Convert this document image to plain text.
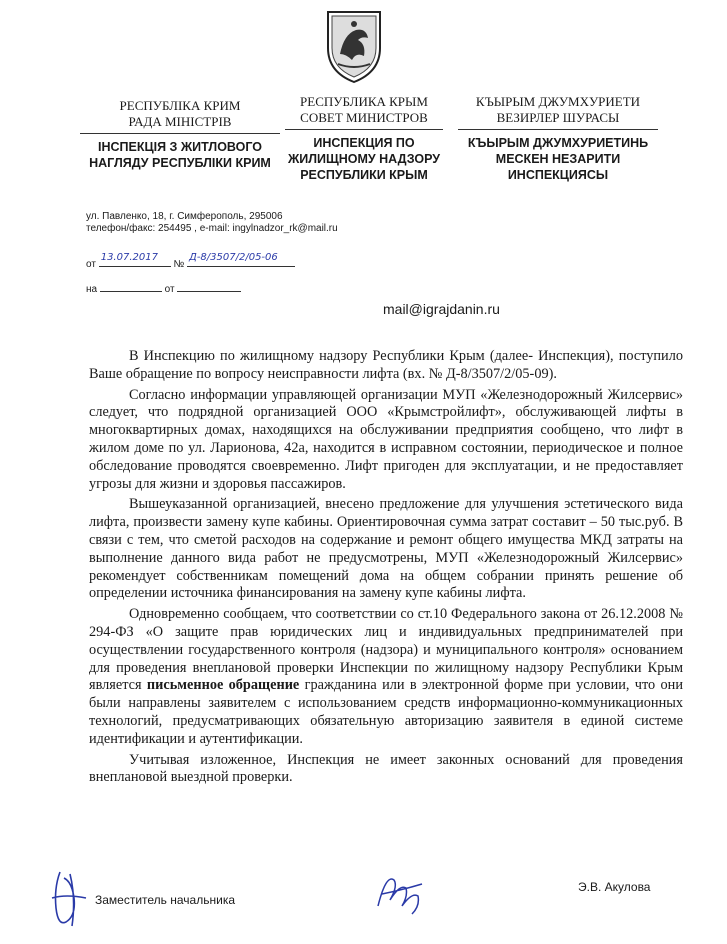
РЕСПУБЛІКА КРИМ
РАДА МІНІСТРІВ
ІНСПЕКЦІЯ З ЖИТЛОВОГО НАГЛЯДУ РЕСПУБЛІКИ КРИМ
РЕСПУБЛИКА КРЫМ
СОВЕТ МИНИСТРОВ
ИНСПЕКЦИЯ ПО ЖИЛИЩНОМУ НАДЗОРУ РЕСПУБЛИКИ КРЫМ
КЪЫРЫМ ДЖУМХУРИЕТИ
ВЕЗИРЛЕР ШУРАСЫ
КЪЫРЫМ ДЖУМХУРИЕТИНЬ МЕСКЕН НЕЗАРИТИ ИНСПЕКЦИЯСЫ
ул. Павленко, 18, г. Симферополь, 295006
телефон/факс: 254495 , e-mail: ingylnadzor_rk@mail.ru
от
13.07.2017
№
Д-8/3507/2/05-06
на	от
mail@igrajdanin.ru

В Инспекцию по жилищному надзору Республики Крым (далее- Инспекция), поступило Ваше обращение по вопросу неисправности лифта (вх. № Д-8/3507/2/05-09).

Согласно информации управляющей организации МУП «Железнодорожный Жилсервис» следует, что подрядной организацией ООО «Крымстройлифт», обслуживающей лифты в многоквартирных домах, находящихся на обслуживании предприятия сообщено, что лифт в жилом доме по ул. Ларионова, 42а, находится в исправном состоянии, периодическое и полное обследование проводятся своевременно. Лифт пригоден для эксплуатации, и не предоставляет угрозы для жизни и здоровья пассажиров.

Вышеуказанной организацией, внесено предложение для улучшения эстетического вида лифта, произвести замену купе кабины. Ориентировочная сумма затрат составит – 50 тыс.руб. В связи с тем, что сметой расходов на содержание и ремонт общего имущества МКД затраты на выполнение данного вида работ не предусмотрены, МУП «Железнодорожный Жилсервис» рекомендует собственникам помещений дома на общем собрании принять решение об определении источника финансирования на замену купе кабины лифта.

Одновременно сообщаем, что соответствии со ст.10 Федерального закона от 26.12.2008 № 294-ФЗ «О защите прав юридических лиц и индивидуальных предпринимателей при осуществлении государственного контроля (надзора) и муниципального контроля» основанием для проведения внеплановой проверки Инспекции по жилищному надзору Республики Крым является письменное обращение гражданина или в электронной форме при условии, что они были направлены заявителем с использованием средств информационно-коммуникационных технологий, предусматривающих обязательную авторизацию заявителя в единой системе идентификации и аутентификации.

Учитывая изложенное, Инспекция не имеет законных оснований для проведения внеплановой выездной проверки.

Заместитель начальника
Э.В. Акулова
